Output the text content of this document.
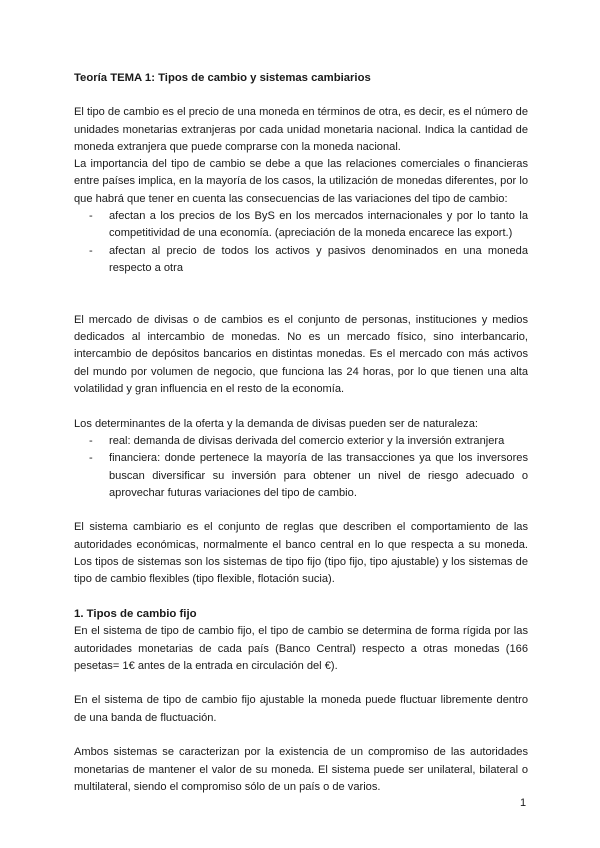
Teoría TEMA 1: Tipos de cambio y sistemas cambiarios

El tipo de cambio es el precio de una moneda en términos de otra, es decir, es el número de unidades monetarias extranjeras por cada unidad monetaria nacional. Indica la cantidad de moneda extranjera que puede comprarse con la moneda nacional.

La importancia del tipo de cambio se debe a que las relaciones comerciales o financieras entre países implica, en la mayoría de los casos, la utilización de monedas diferentes, por lo que habrá que tener en cuenta las consecuencias de las variaciones del tipo de cambio:

- afectan a los precios de los ByS en los mercados internacionales y por lo tanto la competitividad de una economía. (apreciación de la moneda encarece las export.)
- afectan al precio de todos los activos y pasivos denominados en una moneda respecto a otra

El mercado de divisas o de cambios es el conjunto de personas, instituciones y medios dedicados al intercambio de monedas. No es un mercado físico, sino interbancario, intercambio de depósitos bancarios en distintas monedas. Es el mercado con más activos del mundo por volumen de negocio, que funciona las 24 horas, por lo que tienen una alta volatilidad y gran influencia en el resto de la economía.

Los determinantes de la oferta y la demanda de divisas pueden ser de naturaleza:

- real: demanda de divisas derivada del comercio exterior y la inversión extranjera
- financiera: donde pertenece la mayoría de las transacciones ya que los inversores buscan diversificar su inversión para obtener un nivel de riesgo adecuado o aprovechar futuras variaciones del tipo de cambio.

El sistema cambiario es el conjunto de reglas que describen el comportamiento de las autoridades económicas, normalmente el banco central en lo que respecta a su moneda. Los tipos de sistemas son los sistemas de tipo fijo (tipo fijo, tipo ajustable) y los sistemas de tipo de cambio flexibles (tipo flexible, flotación sucia).

1. Tipos de cambio fijo

En el sistema de tipo de cambio fijo, el tipo de cambio se determina de forma rígida por las autoridades monetarias de cada país (Banco Central) respecto a otras monedas (166 pesetas= 1€ antes de la entrada en circulación del €).

En el sistema de tipo de cambio fijo ajustable la moneda puede fluctuar libremente dentro de una banda de fluctuación.

Ambos sistemas se caracterizan por la existencia de un compromiso de las autoridades monetarias de mantener el valor de su moneda. El sistema puede ser unilateral, bilateral o multilateral, siendo el compromiso sólo de un país o de varios.

1
